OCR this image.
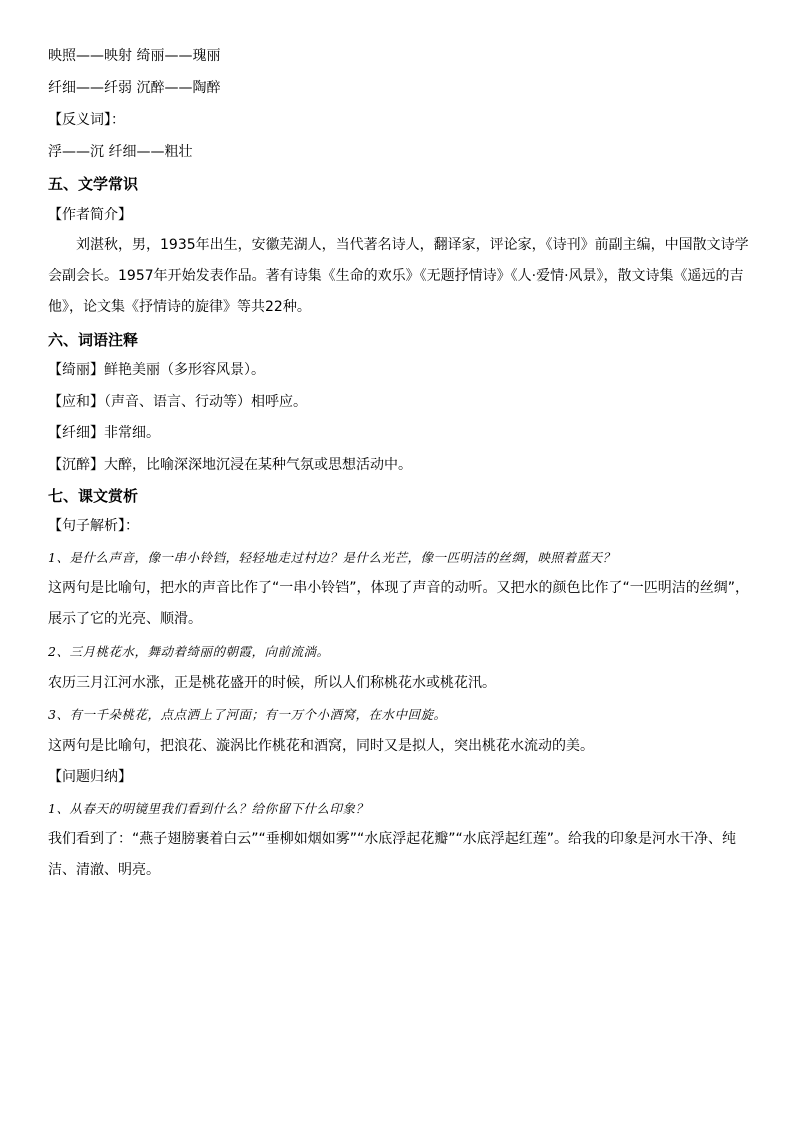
映照——映射 绮丽——瑰丽
纤细——纤弱 沉醉——陶醉
【反义词】：
浮——沉 纤细——粗壮
五、文学常识
【作者简介】
刘湛秋，男，1935年出生，安徽芜湖人，当代著名诗人，翻译家，评论家，《诗刊》前副主编，中国散文诗学会副会长。1957年开始发表作品。著有诗集《生命的欢乐》《无题抒情诗》《人·爱情·风景》，散文诗集《遥远的吉他》，论文集《抒情诗的旋律》等共22种。
六、词语注释
【绮丽】鲜艳美丽（多形容风景）。
【应和】（声音、语言、行动等）相呼应。
【纤细】非常细。
【沉醉】大醉，比喻深深地沉浸在某种气氛或思想活动中。
七、课文赏析
【句子解析】：
1、是什么声音，像一串小铃铛，轻轻地走过村边？是什么光芒，像一匹明洁的丝绸，映照着蓝天？
这两句是比喻句，把水的声音比作了“一串小铃铛”，体现了声音的动听。又把水的颜色比作了“一匹明洁的丝绸”，展示了它的光亮、顺滑。
2、三月桃花水，舞动着绮丽的朝霞，向前流淌。
农历三月江河水涨，正是桃花盛开的时候，所以人们称桃花水或桃花汛。
3、有一千朵桃花，点点洒上了河面；有一万个小酒窝，在水中回旋。
这两句是比喻句，把浪花、漩涡比作桃花和酒窝，同时又是拟人，突出桃花水流动的美。
【问题归纳】
1、从春天的明镜里我们看到什么？给你留下什么印象？
我们看到了：“燕子翅膀裹着白云”“垂柳如烟如雾”“水底浮起花瓣”“水底浮起红莲”。给我的印象是河水干净、纯洁、清澈、明亮。
